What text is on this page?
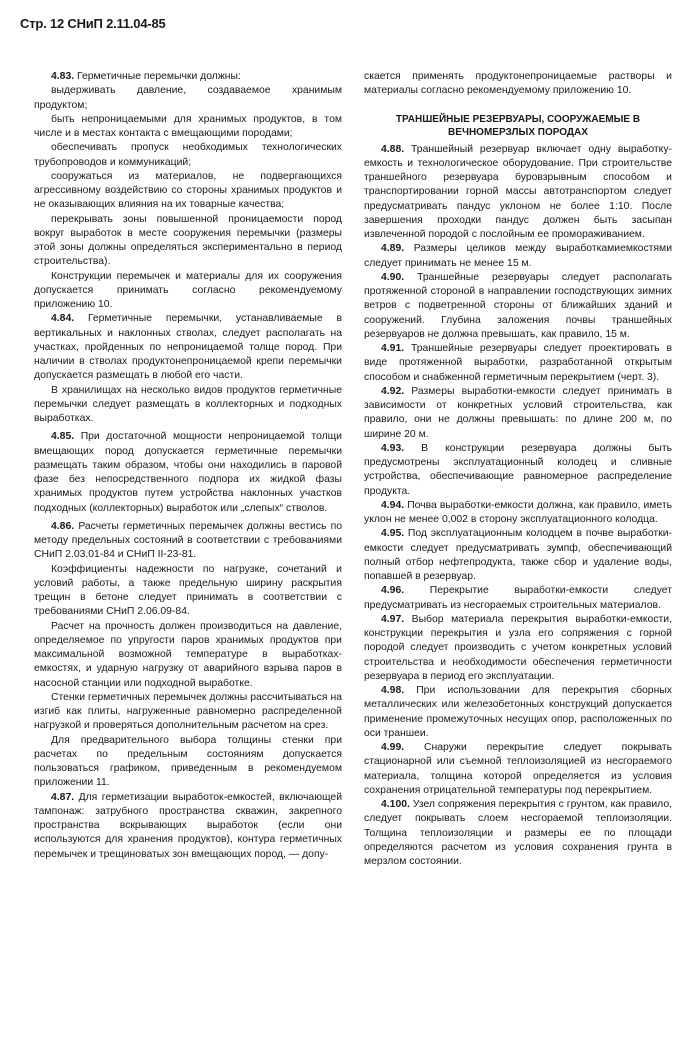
Стр. 12 СНиП 2.11.04-85

4.83. Герметичные перемычки должны:

выдерживать давление, создаваемое хранимым продуктом;

быть непроницаемыми для хранимых продуктов, в том числе и в местах контакта с вмещающими породами;

обеспечивать пропуск необходимых технологических трубопроводов и коммуникаций;

сооружаться из материалов, не подвергающихся агрессивному воздействию со стороны хранимых продуктов и не оказывающих влияния на их товарные качества;

перекрывать зоны повышенной проницаемости пород вокруг выработок в месте сооружения перемычки (размеры этой зоны должны определяться экспериментально в период строительства).

Конструкции перемычек и материалы для их сооружения допускается принимать согласно рекомендуемому приложению 10.

4.84. Герметичные перемычки, устанавливаемые в вертикальных и наклонных стволах, следует располагать на участках, пройденных по непроницаемой толще пород. При наличии в стволах продуктонепроницаемой крепи перемычки допускается размещать в любой его части.

В хранилищах на несколько видов продуктов герметичные перемычки следует размещать в коллекторных и подходных выработках.

4.85. При достаточной мощности непроницаемой толщи вмещающих пород допускается герметичные перемычки размещать таким образом, чтобы они находились в паровой фазе без непосредственного подпора их жидкой фазы хранимых продуктов путем устройства наклонных участков подходных (коллекторных) выработок или „слепых“ стволов.

4.86. Расчеты герметичных перемычек должны вестись по методу предельных состояний в соответствии с требованиями СНиП 2.03.01-84 и СНиП II-23-81.

Коэффициенты надежности по нагрузке, сочетаний и условий работы, а также предельную ширину раскрытия трещин в бетоне следует принимать в соответствии с требованиями СНиП 2.06.09-84.

Расчет на прочность должен производиться на давление, определяемое по упругости паров хранимых продуктов при максимальной возможной температуре в выработках-емкостях, и ударную нагрузку от аварийного взрыва паров в насосной станции или подходной выработке.

Стенки герметичных перемычек должны рассчитываться на изгиб как плиты, нагруженные равномерно распределенной нагрузкой и проверяться дополнительным расчетом на срез.

Для предварительного выбора толщины стенки при расчетах по предельным состояниям допускается пользоваться графиком, приведенным в рекомендуемом приложении 11.

4.87. Для герметизации выработок-емкостей, включающей тампонаж: затрубного пространства скважин, закрепного пространства вскрывающих выработок (если они используются для хранения продуктов), контура герметичных перемычек и трещиноватых зон вмещающих пород, — допу-

скается применять продуктонепроницаемые растворы и материалы согласно рекомендуемому приложению 10.

ТРАНШЕЙНЫЕ РЕЗЕРВУАРЫ, СООРУЖАЕМЫЕ В ВЕЧНОМЕРЗЛЫХ ПОРОДАХ

4.88. Траншейный резервуар включает одну выработку-емкость и технологическое оборудование. При строительстве траншейного резервуара буровзрывным способом и транспортировании горной массы автотранспортом следует предусматривать пандус уклоном не более 1:10. После завершения проходки пандус должен быть засыпан извлеченной породой с послойным ее проморaживанием.

4.89. Размеры целиков между выработкамиемкостями следует принимать не менее 15 м.

4.90. Траншейные резервуары следует располагать протяженной стороной в направлении господствующих зимних ветров с подветренной стороны от ближайших зданий и сооружений. Глубина заложения почвы траншейных резервуаров не должна превышать, как правило, 15 м.

4.91. Траншейные резервуары следует проектировать в виде протяженной выработки, разработанной открытым способом и снабженной герметичным перекрытием (черт. 3).

4.92. Размеры выработки-емкости следует принимать в зависимости от конкретных условий строительства, как правило, они не должны превышать: по длине 200 м, по ширине 20 м.

4.93. В конструкции резервуара должны быть предусмотрены эксплуатационный колодец и сливные устройства, обеспечивающие равномерное распределение продукта.

4.94. Почва выработки-емкости должна, как правило, иметь уклон не менее 0,002 в сторону эксплуатационного колодца.

4.95. Под эксплуатационным колодцем в почве выработки-емкости следует предусматривать зумпф, обеспечивающий полный отбор нефтепродукта, также сбор и удаление воды, попавшей в резервуар.

4.96. Перекрытие выработки-емкости следует предусматривать из несгораемых строительных материалов.

4.97. Выбор материала перекрытия выработки-емкости, конструкции перекрытия и узла его сопряжения с горной породой следует производить с учетом конкретных условий строительства и необходимости обеспечения герметичности резервуара в период его эксплуатации.

4.98. При использовании для перекрытия сборных металлических или железобетонных конструкций допускается применение промежуточных несущих опор, расположенных по оси траншеи.

4.99. Снаружи перекрытие следует покрывать стационарной или съемной теплоизоляцией из несгораемого материала, толщина которой определяется из условия сохранения отрицательной температуры под перекрытием.

4.100. Узел сопряжения перекрытия с грунтом, как правило, следует покрывать слоем несгораемой теплоизоляции. Толщина теплоизоляции и размеры ее по площади определяются расчетом из условия сохранения грунта в мерзлом состоянии.
